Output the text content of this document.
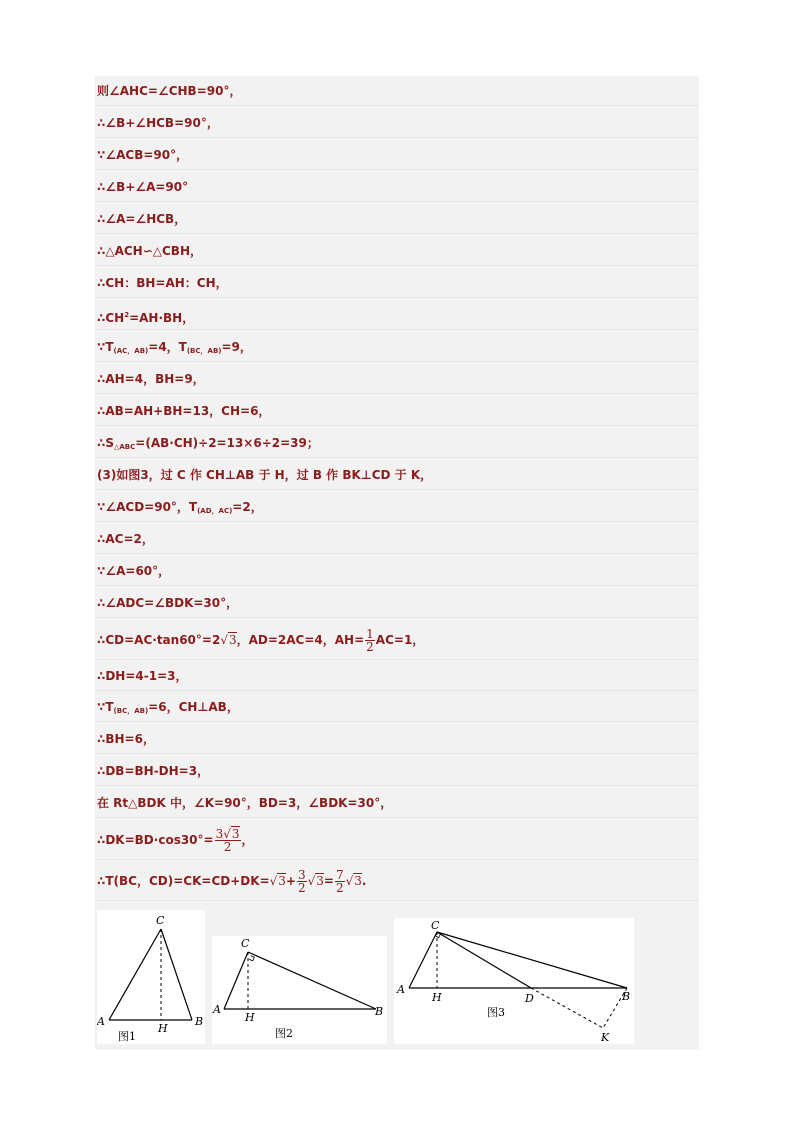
则∠AHC=∠CHB=90°，
∴∠B+∠HCB=90°，
∵∠ACB=90°，
∴∠B+∠A=90°
∴∠A=∠HCB，
∴△ACH∽△CBH，
∴CH：BH=AH：CH，
$\therefore CH^2=AH\cdot BH$，
$\because T_{(AC,AB)}=4$，$T_{(BC,AB)}=9$，
∴AH=4，BH=9，
∴AB=AH+BH=13，CH=6，
$\therefore S_{\triangle ABC}=(AB\cdot CH)\div 2=13\times 6\div 2=39$；
(3)如图3，过 C 作 CH⊥AB 于 H，过 B 作 BK⊥CD 于 K，
∵∠ACD=90°，$T_{(AD,AC)}=2$，
∴AC=2，
∵∠A=60°，
∴∠ADC=∠BDK=30°，
∴CD=AC·tan60°=2√3，AD=2AC=4，$AH= \frac{1}{2} AC=1$，
∴DH=4-1=3，
$\because T_{(BC,AB)}=6$，CH⊥AB，
∴BH=6，
∴DB=BH-DH=3，
在 Rt△BDK 中，∠K=90°，BD=3，∠BDK=30°，
∴DK=BD·cos30°= $\frac{3√3}{2}$ ，
∴T(BC，$CD)=CK=CD+DK=√3+ \frac{3}{2} √3= \frac{7}{2} √3$.
A	B
C
H
图1
A	B
C
H
图2
A
B
C
H	D
K
图3
